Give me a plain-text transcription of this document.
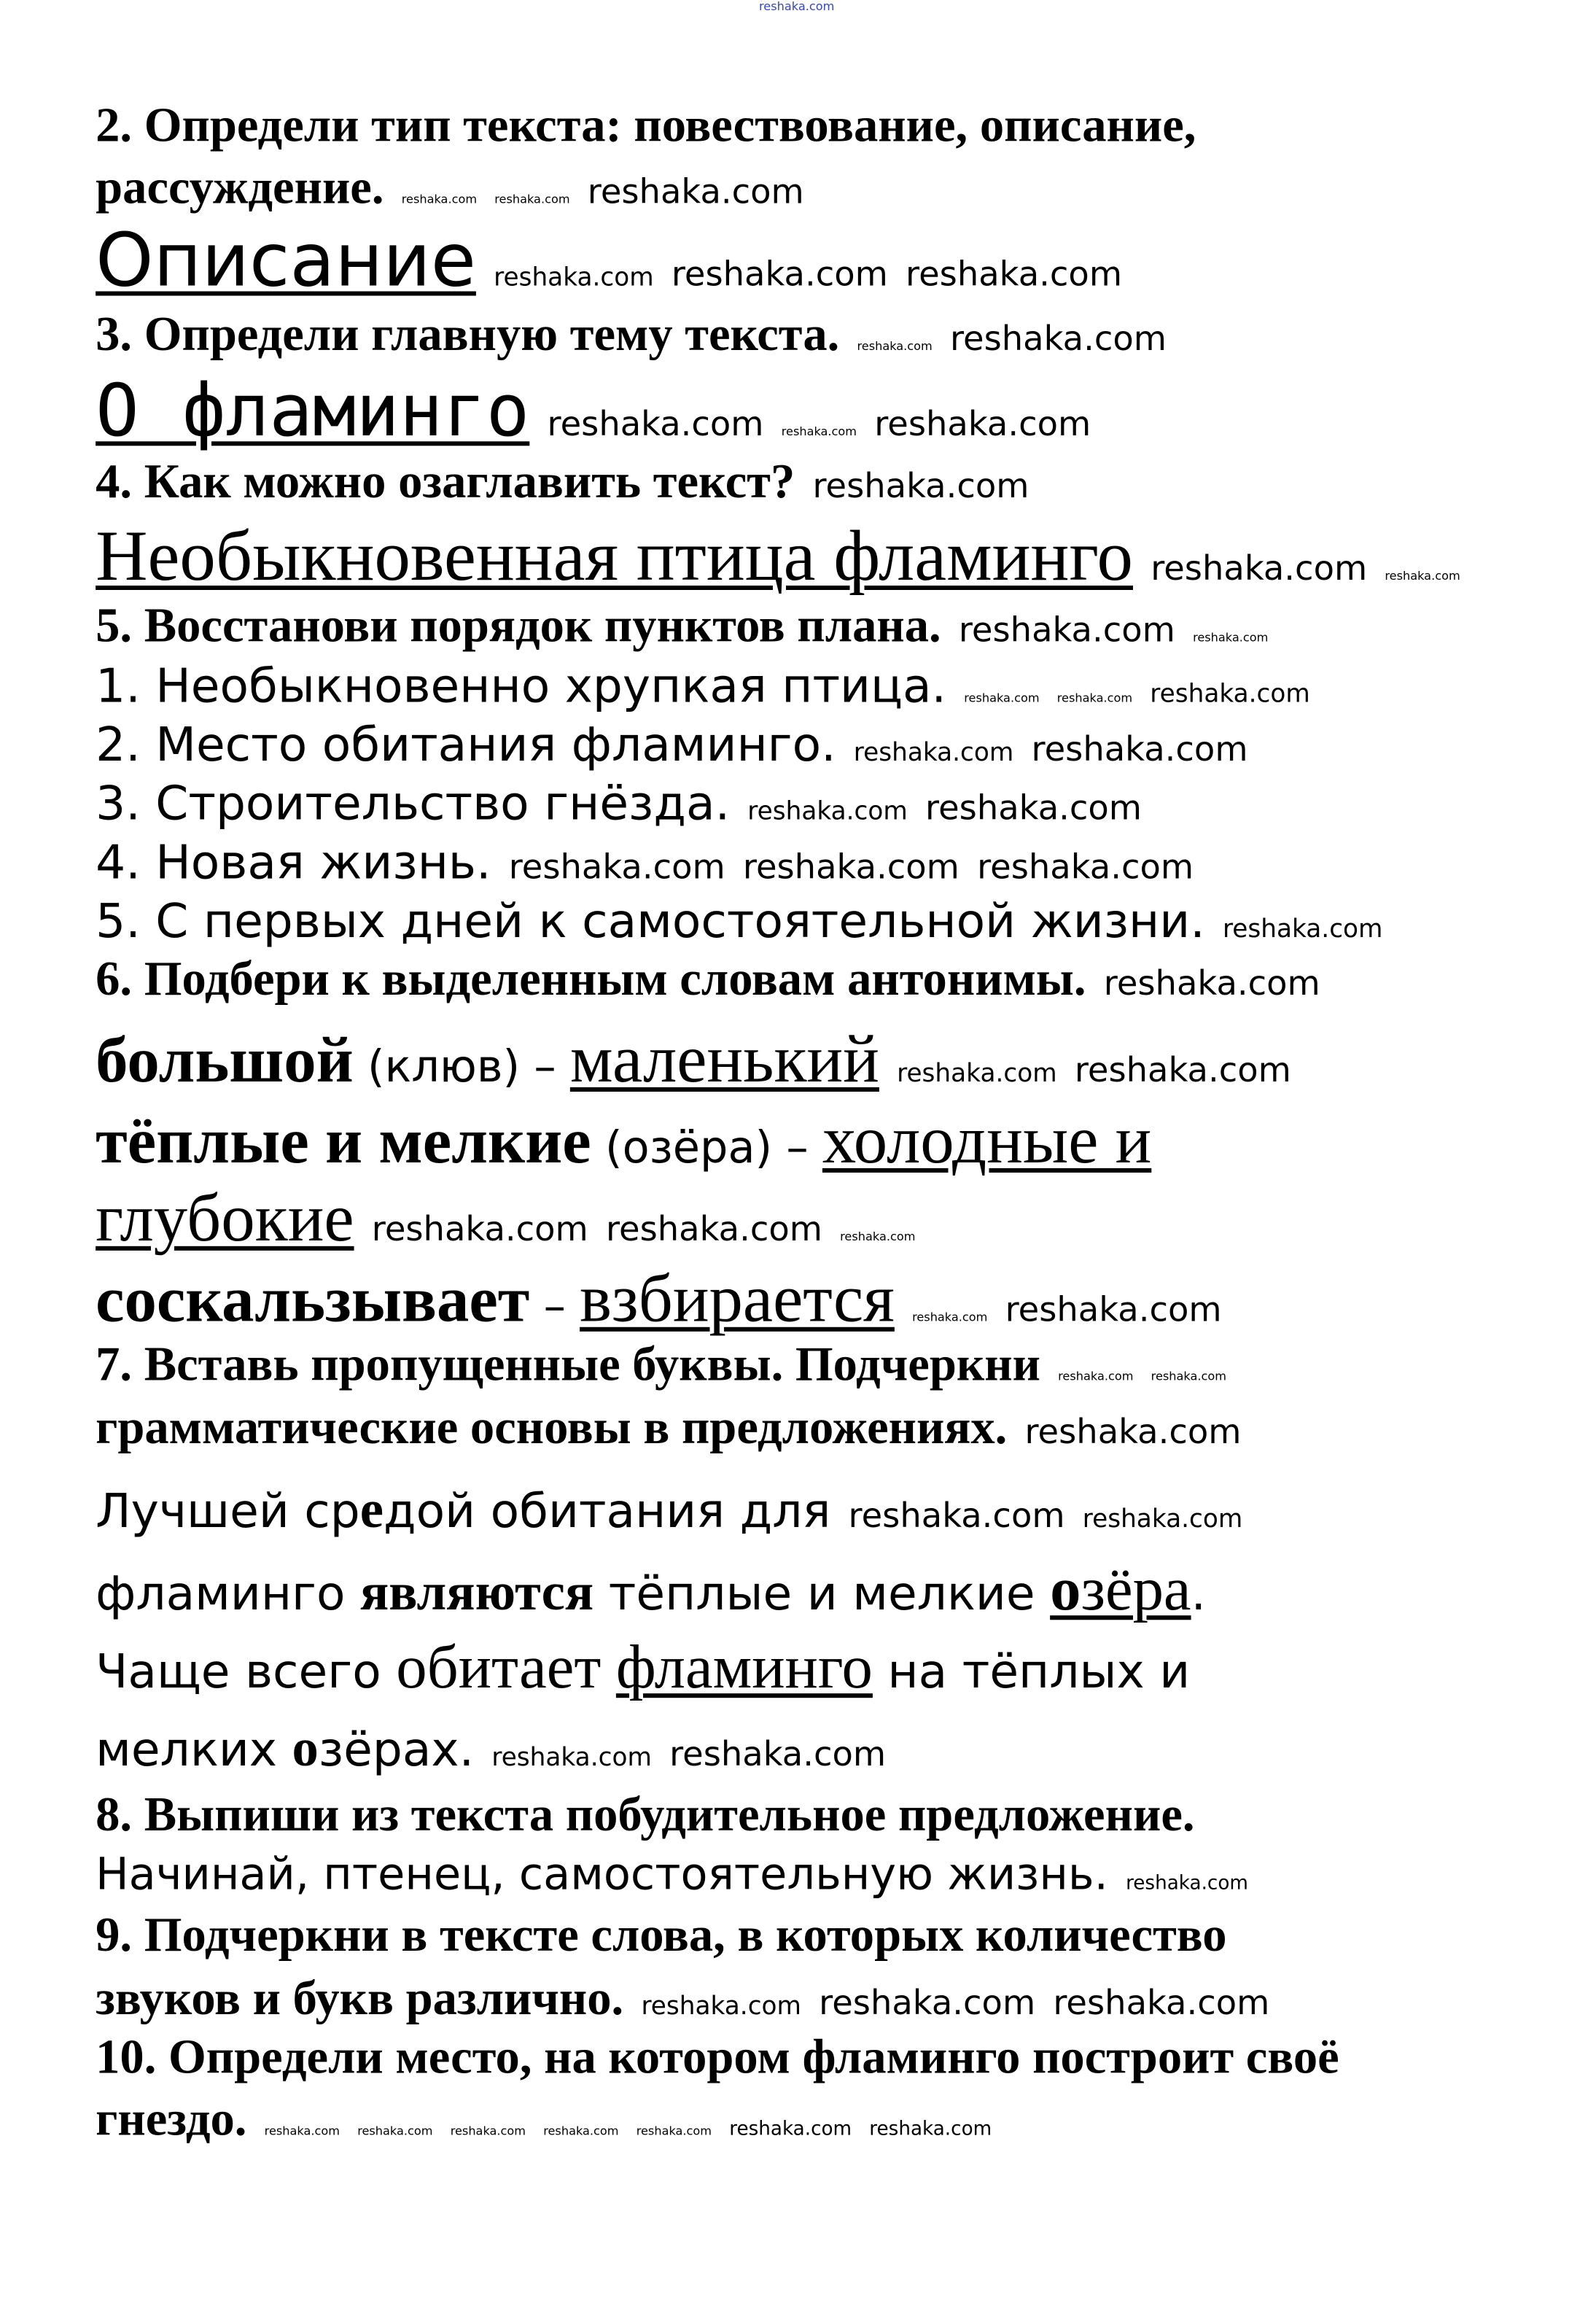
reshaka.com
2. Определи тип текста: повествование, описание,
рассуждение.	reshaka.com	reshaka.com reshaka.com
Описание reshaka.com reshaka.com reshaka.com
3. Определи главную тему текста.	reshaka.com reshaka.com
О фламинго reshaka.com	reshaka.com reshaka.com
4. Как можно озаглавить текст? reshaka.com
Необыкновенная птица фламинго reshaka.com	reshaka.com
5. Восстанови порядок пунктов плана. reshaka.com	reshaka.com
1. Необыкновенно хрупкая птица.	reshaka.com	reshaka.com reshaka.com
2. Место обитания фламинго. reshaka.com reshaka.com
3. Строительство гнёзда. reshaka.com reshaka.com
4. Новая жизнь. reshaka.com reshaka.com reshaka.com
5. С первых дней к самостоятельной жизни. reshaka.com
6. Подбери к выделенным словам антонимы. reshaka.com
большой (клюв) – маленький reshaka.com reshaka.com
тёплые и мелкие (озёра) – холодные и
глубокие reshaka.com reshaka.com	reshaka.com
соскальзывает – взбирается	reshaka.com reshaka.com
7. Вставь пропущенные буквы. Подчеркни	reshaka.com	reshaka.com
грамматические основы в предложениях. reshaka.com
Лучшей средой обитания для reshaka.com reshaka.com
фламинго являются тёплые и мелкие озёра.
Чаще всего обитает фламинго на тёплых и
мелких озёрах. reshaka.com reshaka.com
8. Выпиши из текста побудительное предложение.
Начинай, птенец, самостоятельную жизнь. reshaka.com
9. Подчеркни в тексте слова, в которых количество
звуков и букв различно. reshaka.com reshaka.com reshaka.com
10. Определи место, на котором фламинго построит своё
гнездо.	reshaka.com	reshaka.com	reshaka.com	reshaka.com	reshaka.com reshaka.com reshaka.com
